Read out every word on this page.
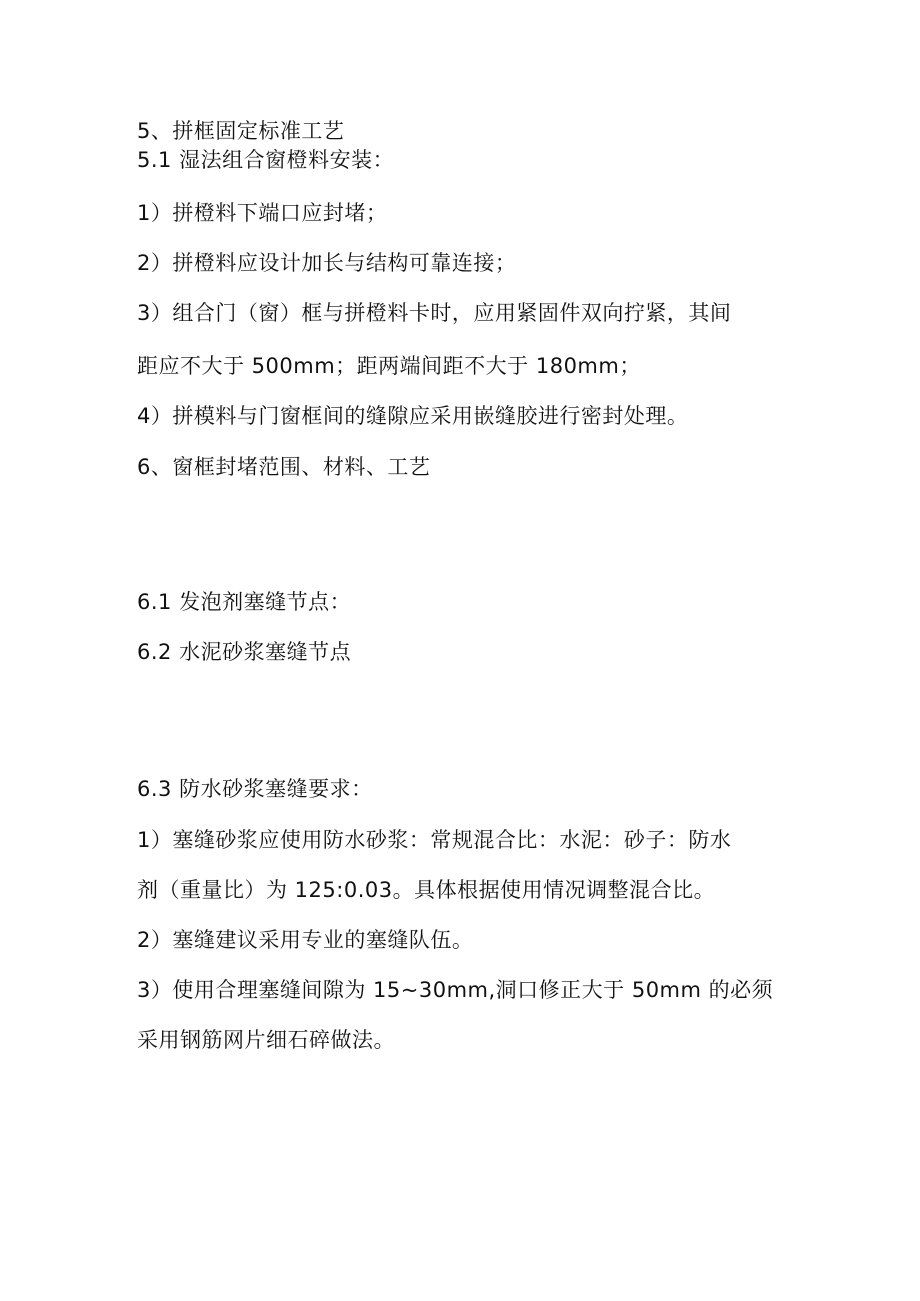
5、拼框固定标准工艺
5.1 湿法组合窗橙料安装：
1）拼橙料下端口应封堵；
2）拼橙料应设计加长与结构可靠连接；
3）组合门（窗）框与拼橙料卡时，应用紧固件双向拧紧，其间
距应不大于 500mm；距两端间距不大于 180mm；
4）拼模料与门窗框间的缝隙应采用嵌缝胶进行密封处理。
6、窗框封堵范围、材料、工艺
6.1 发泡剂塞缝节点：
6.2 水泥砂浆塞缝节点
6.3 防水砂浆塞缝要求：
1）塞缝砂浆应使用防水砂浆：常规混合比：水泥：砂子：防水
剂（重量比）为 125:0.03。具体根据使用情况调整混合比。
2）塞缝建议采用专业的塞缝队伍。
3）使用合理塞缝间隙为 15~30mm,洞口修正大于 50mm 的必须
采用钢筋网片细石碎做法。
